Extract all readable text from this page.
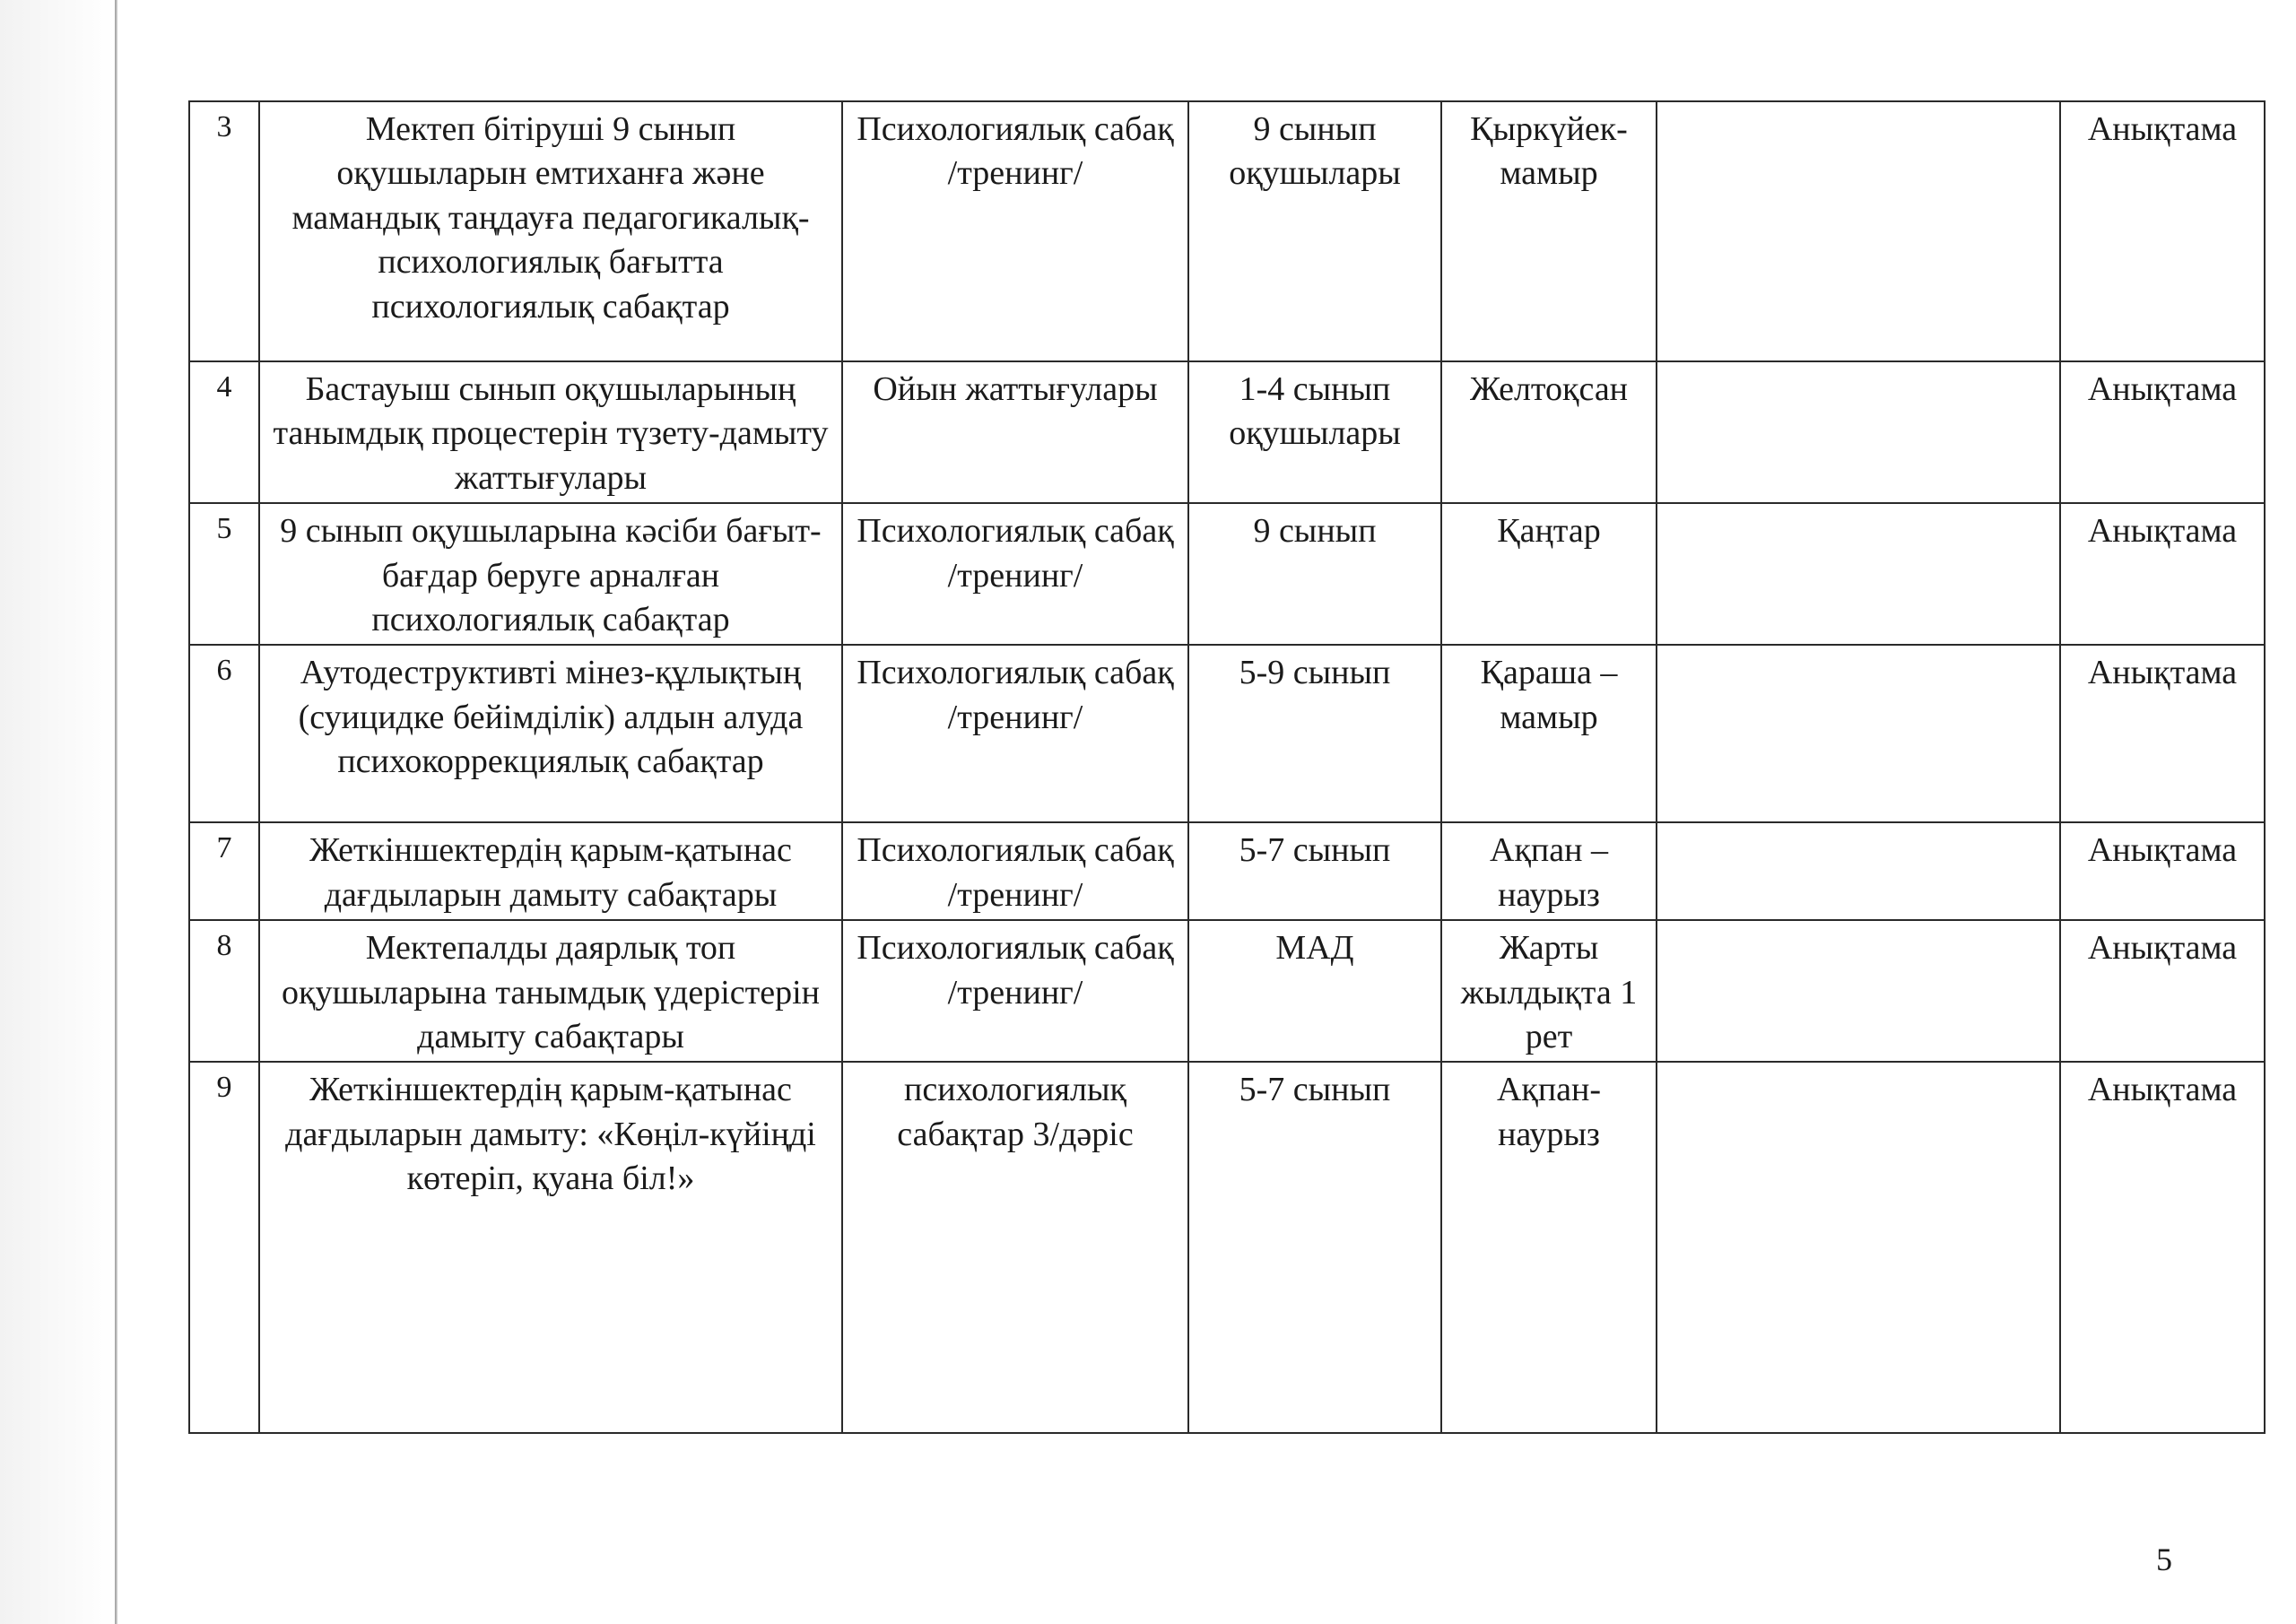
3	Мектеп бітіруші 9 сынып оқушыларын емтиханға және мамандық таңдауға педагогикалық-психологиялық бағытта психологиялық сабақтар	Психологиялық сабақ /тренинг/	9 сынып оқушылары	Қыркүйек-мамыр		Анықтама
4	Бастауыш сынып оқушыларының танымдық процестерін түзету-дамыту жаттығулары	Ойын жаттығулары	1-4 сынып оқушылары	Желтоқсан		Анықтама
5	9 сынып оқушыларына кәсіби бағыт-бағдар беруге арналған психологиялық сабақтар	Психологиялық сабақ /тренинг/	9 сынып	Қаңтар		Анықтама
6	Аутодеструктивті мінез-құлықтың (суицидке бейімділік) алдын алуда психокоррекциялық сабақтар	Психологиялық сабақ /тренинг/	5-9 сынып	Қараша – мамыр		Анықтама
7	Жеткіншектердің қарым-қатынас дағдыларын дамыту сабақтары	Психологиялық сабақ /тренинг/	5-7 сынып	Ақпан – наурыз		Анықтама
8	Мектепалды даярлық топ оқушыларына танымдық үдерістерін дамыту сабақтары	Психологиялық сабақ /тренинг/	МАД	Жарты жылдықта 1 рет		Анықтама
9	Жеткіншектердің қарым-қатынас дағдыларын дамыту: «Көңіл-күйіңді көтеріп, қуана біл!»	психологиялық сабақтар 3/дәріс	5-7 сынып	Ақпан-наурыз		Анықтама
5
